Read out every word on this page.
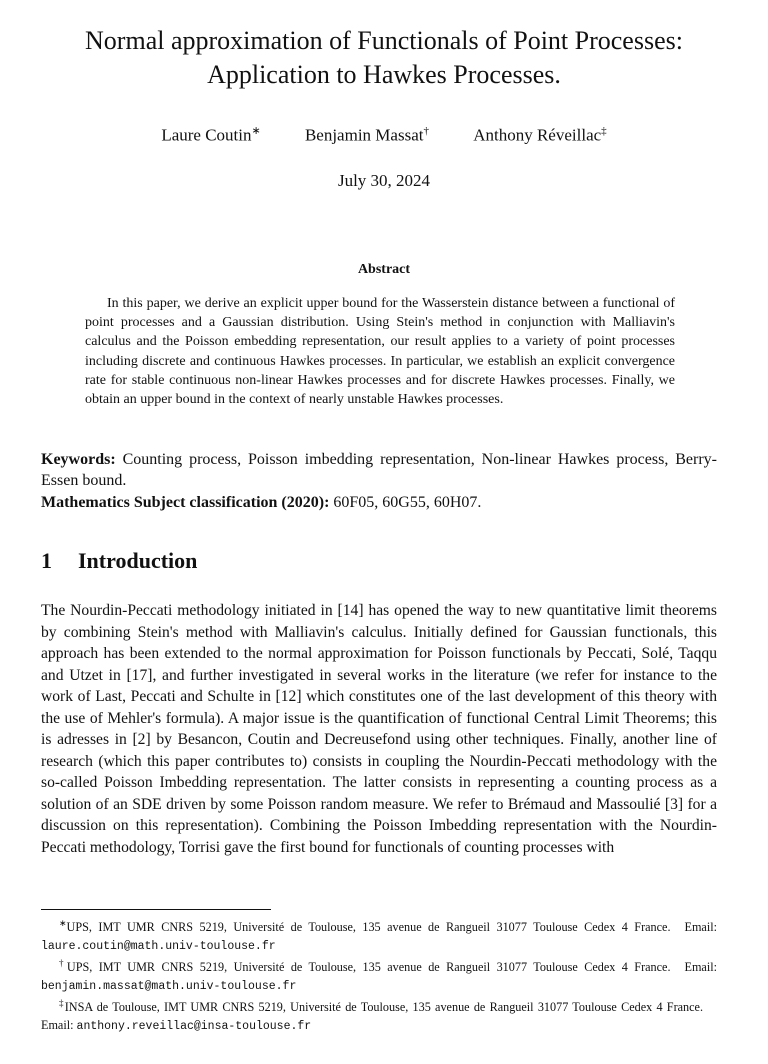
Normal approximation of Functionals of Point Processes:
Application to Hawkes Processes.
Laure Coutin∗	Benjamin Massat†	Anthony Réveillac‡
July 30, 2024
Abstract
In this paper, we derive an explicit upper bound for the Wasserstein distance between a functional of point processes and a Gaussian distribution. Using Stein's method in conjunction with Malliavin's calculus and the Poisson embedding representation, our result applies to a variety of point processes including discrete and continuous Hawkes processes. In particular, we establish an explicit convergence rate for stable continuous non-linear Hawkes processes and for discrete Hawkes processes. Finally, we obtain an upper bound in the context of nearly unstable Hawkes processes.
Keywords: Counting process, Poisson imbedding representation, Non-linear Hawkes process, Berry-Essen bound.
Mathematics Subject classification (2020): 60F05, 60G55, 60H07.
1 Introduction
The Nourdin-Peccati methodology initiated in [14] has opened the way to new quantitative limit theorems by combining Stein's method with Malliavin's calculus. Initially defined for Gaussian functionals, this approach has been extended to the normal approximation for Poisson functionals by Peccati, Solé, Taqqu and Utzet in [17], and further investigated in several works in the literature (we refer for instance to the work of Last, Peccati and Schulte in [12] which constitutes one of the last development of this theory with the use of Mehler's formula). A major issue is the quantification of functional Central Limit Theorems; this is adresses in [2] by Besancon, Coutin and Decreusefond using other techniques. Finally, another line of research (which this paper contributes to) consists in coupling the Nourdin-Peccati methodology with the so-called Poisson Imbedding representation. The latter consists in representing a counting process as a solution of an SDE driven by some Poisson random measure. We refer to Brémaud and Massoulié [3] for a discussion on this representation). Combining the Poisson Imbedding representation with the Nourdin-Peccati methodology, Torrisi gave the first bound for functionals of counting processes with
∗UPS, IMT UMR CNRS 5219, Université de Toulouse, 135 avenue de Rangueil 31077 Toulouse Cedex 4 France. Email: laure.coutin@math.univ-toulouse.fr
†UPS, IMT UMR CNRS 5219, Université de Toulouse, 135 avenue de Rangueil 31077 Toulouse Cedex 4 France. Email: benjamin.massat@math.univ-toulouse.fr
‡INSA de Toulouse, IMT UMR CNRS 5219, Université de Toulouse, 135 avenue de Rangueil 31077 Toulouse Cedex 4 France.Email: anthony.reveillac@insa-toulouse.fr
